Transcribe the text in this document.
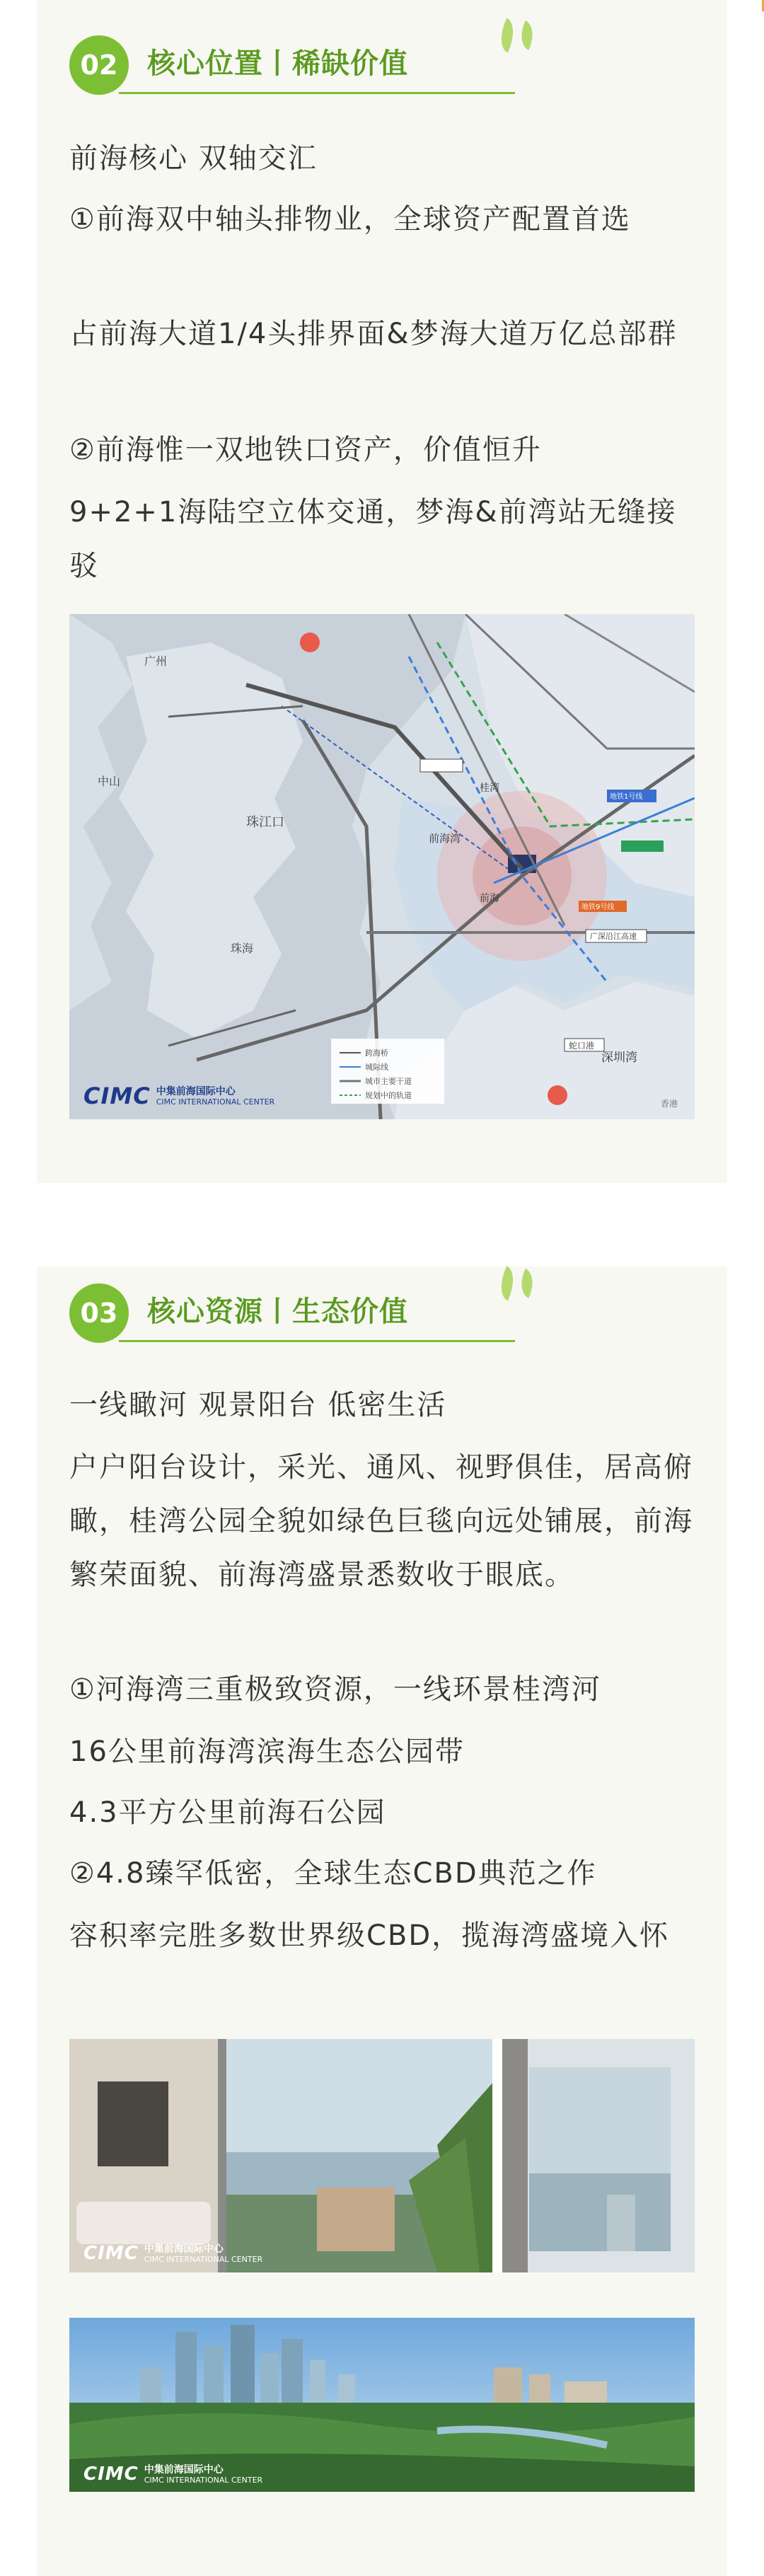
02	核心位置丨稀缺价值

前海核心 双轴交汇

①前海双中轴头排物业，全球资产配置首选

占前海大道1/4头排界面&梦海大道万亿总部群

②前海惟一双地铁口资产，价值恒升

9+2+1海陆空立体交通，梦海&前湾站无缝接驳

跨海桥
城际线
城市主要干道
规划中的轨道
广州
中山
珠江口
珠海
前海湾
前海
桂湾
深圳湾
蛇口港
广深沿江高速
香港
地铁1号线
地铁9号线
CIMC 中集前海国际中心
CIMC INTERNATIONAL CENTER
03	核心资源丨生态价值

一线瞰河 观景阳台 低密生活

户户阳台设计，采光、通风、视野俱佳，居高俯瞰，桂湾公园全貌如绿色巨毯向远处铺展，前海繁荣面貌、前海湾盛景悉数收于眼底。

①河海湾三重极致资源，一线环景桂湾河

16公里前海湾滨海生态公园带

4.3平方公里前海石公园

②4.8臻罕低密，全球生态CBD典范之作

容积率完胜多数世界级CBD，揽海湾盛境入怀

CIMC 中集前海国际中心
CIMC INTERNATIONAL CENTER
CIMC 中集前海国际中心
CIMC INTERNATIONAL CENTER
